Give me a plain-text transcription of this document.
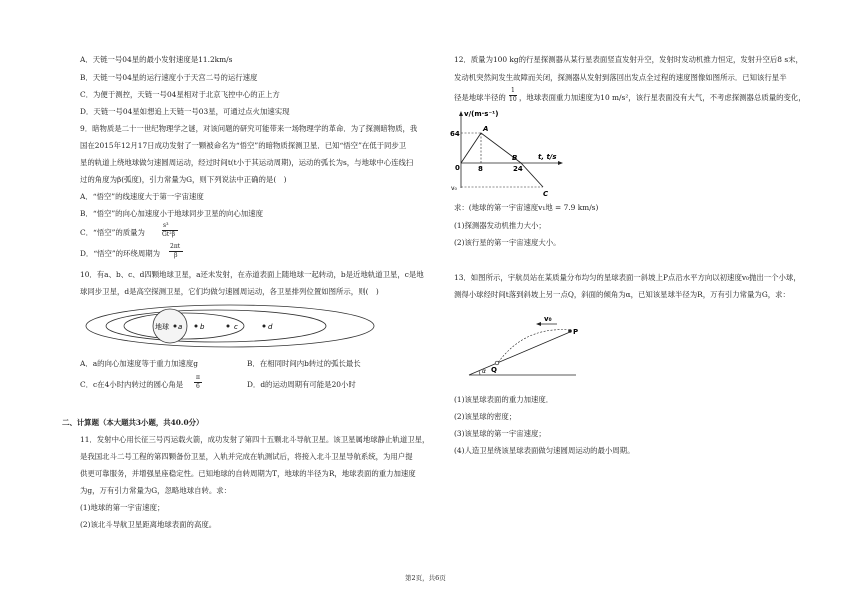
A．天链一号04星的最小发射速度是11.2km/s
B．天链一号04星的运行速度小于天宫二号的运行速度
C．为便于测控，天链一号04星相对于北京飞控中心的正上方
D．天链一号04星如想追上天链一号03星，可通过点火加速实现
9．暗物质是二十一世纪物理学之谜，对该问题的研究可能带来一场物理学的革命．为了探测暗物质，我
国在2015年12月17日成功发射了一颗被命名为“悟空”的暗物质探测卫星．已知“悟空”在低于同步卫
星的轨道上绕地球做匀速圆周运动，经过时间t(t小于其运动周期)，运动的弧长为s，与地球中心连线扫
过的角度为β(弧度)，引力常量为G，则下列说法中正确的是(　)
A．“悟空”的线速度大于第一宇宙速度
B．“悟空”的向心加速度小于地球同步卫星的向心加速度
C．“悟空”的质量为
s³
Gt²β
D．“悟空”的环绕周期为
2πt
β
10．有a、b、c、d四颗地球卫星，a还未发射，在赤道表面上随地球一起转动，b是近地轨道卫星，c是地
球同步卫星，d是高空探测卫星，它们均做匀速圆周运动，各卫星排列位置如图所示，则(　)
地球 a	b	c	d
A．a的向心加速度等于重力加速度g	B．在相同时间内b转过的弧长最长
C．c在4小时内转过的圆心角是
π
6	D．d的运动周期有可能是20小时
二、计算题（本大题共3小题，共40.0分）
11．发射中心用长征三号丙运载火箭，成功发射了第四十五颗北斗导航卫星。该卫星属地球静止轨道卫星，
是我国北斗二号工程的第四颗备份卫星，入轨并完成在轨测试后，将接入北斗卫星导航系统，为用户提
供更可靠服务，并增强星座稳定性。已知地球的自转周期为T，地球的半径为R，地球表面的重力加速度
为g，万有引力常量为G，忽略地球自转。求：
(1)地球的第一宇宙速度；
(2)该北斗导航卫星距离地球表面的高度。
12．质量为100 kg的行星探测器从某行星表面竖直发射升空，发射时发动机推力恒定，发射升空后8 s末，
发动机突然间发生故障而关闭，探测器从发射到落回出发点全过程的速度图像如图所示．已知该行星半
径是地球半径的
1
10 ，地球表面重力加速度为10 m/s²，该行星表面没有大气，不考虑探测器总质量的变化，
v/(m·s⁻¹)
64
0
A
B
C
8	24
t, t/s
v₀
求：(地球的第一宇宙速度v₁地 = 7.9 km/s)
(1)探测器发动机推力大小；
(2)该行星的第一宇宙速度大小。
13．如图所示，宇航员站在某质量分布均匀的星球表面一斜坡上P点沿水平方向以初速度v₀抛出一个小球，
测得小球经时间t落到斜坡上另一点Q，斜面的倾角为α，已知该星球半径为R，万有引力常量为G，求：
α
v₀
P
Q
(1)该星球表面的重力加速度．
(2)该星球的密度；
(3)该星球的第一宇宙速度；
(4)人造卫星绕该星球表面做匀速圆周运动的最小周期。
第2页，共6页
